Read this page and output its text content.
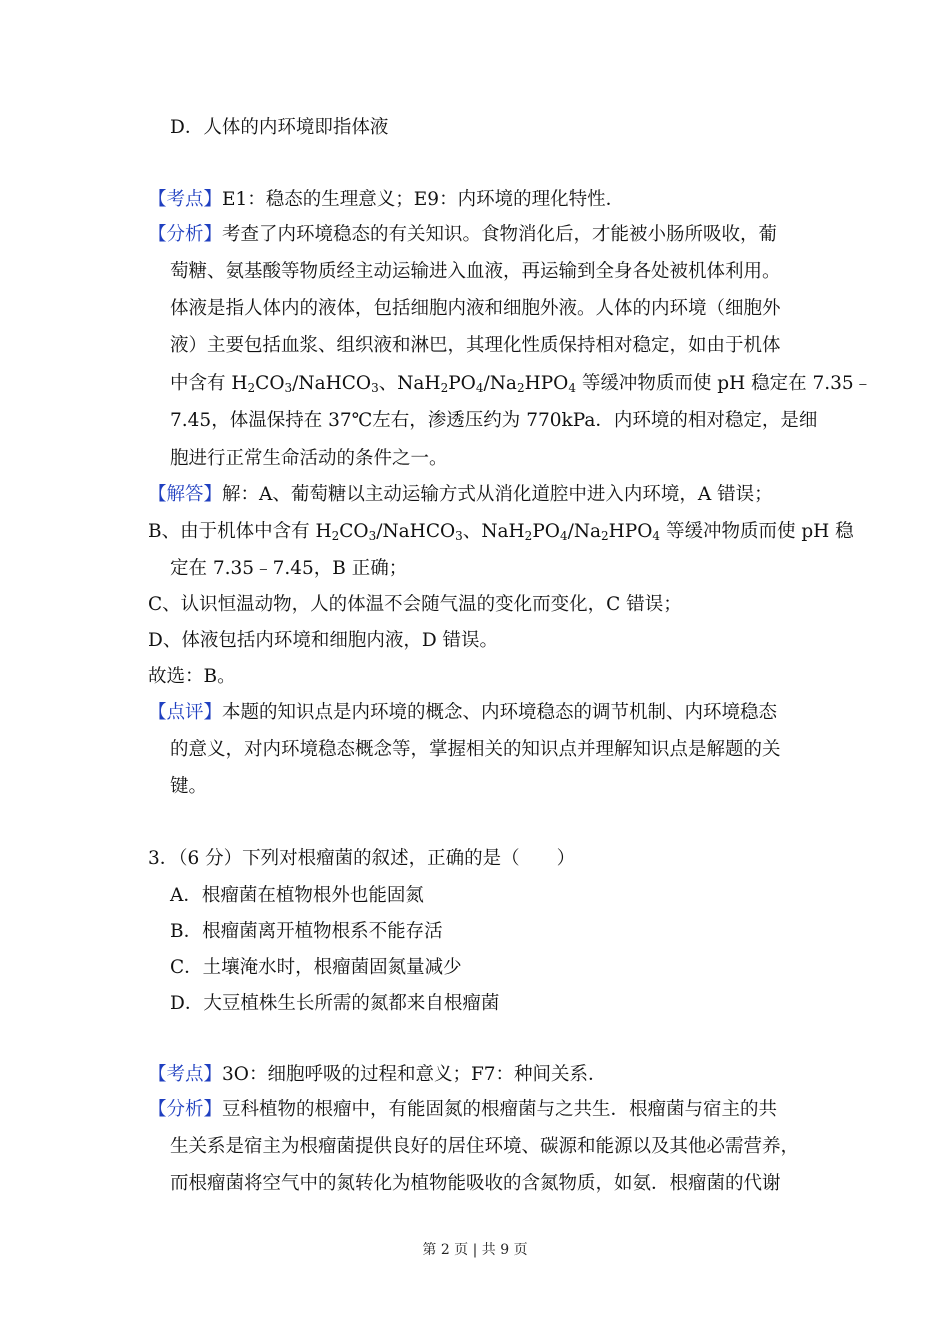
D．人体的内环境即指体液
【考点】E1：稳态的生理意义；E9：内环境的理化特性．
【分析】考查了内环境稳态的有关知识。食物消化后，才能被小肠所吸收，葡
萄糖、氨基酸等物质经主动运输进入血液，再运输到全身各处被机体利用。
体液是指人体内的液体，包括细胞内液和细胞外液。人体的内环境（细胞外
液）主要包括血浆、组织液和淋巴，其理化性质保持相对稳定，如由于机体
中含有 $H_2CO_3/NaHCO_3$、$NaH_2PO_4/Na_2HPO_4$ 等缓冲物质而使 pH 稳定在 7.35﹣
7.45，体温保持在 37℃左右，渗透压约为 770kPa．内环境的相对稳定，是细
胞进行正常生命活动的条件之一。
【解答】解：A、葡萄糖以主动运输方式从消化道腔中进入内环境，A 错误；
B、由于机体中含有 $H_2CO_3/NaHCO_3$、$NaH_2PO_4/Na_2HPO_4$ 等缓冲物质而使 pH 稳
定在 7.35﹣7.45，B 正确；
C、认识恒温动物，人的体温不会随气温的变化而变化，C 错误；
D、体液包括内环境和细胞内液，D 错误。
故选：B。
【点评】本题的知识点是内环境的概念、内环境稳态的调节机制、内环境稳态
的意义，对内环境稳态概念等，掌握相关的知识点并理解知识点是解题的关
键。
3．（6 分）下列对根瘤菌的叙述，正确的是（　　）
A．根瘤菌在植物根外也能固氮
B．根瘤菌离开植物根系不能存活
C．土壤淹水时，根瘤菌固氮量减少
D．大豆植株生长所需的氮都来自根瘤菌
【考点】3O：细胞呼吸的过程和意义；F7：种间关系．
【分析】豆科植物的根瘤中，有能固氮的根瘤菌与之共生．根瘤菌与宿主的共
生关系是宿主为根瘤菌提供良好的居住环境、碳源和能源以及其他必需营养，
而根瘤菌将空气中的氮转化为植物能吸收的含氮物质，如氨．根瘤菌的代谢
第 2 页 | 共 9 页
